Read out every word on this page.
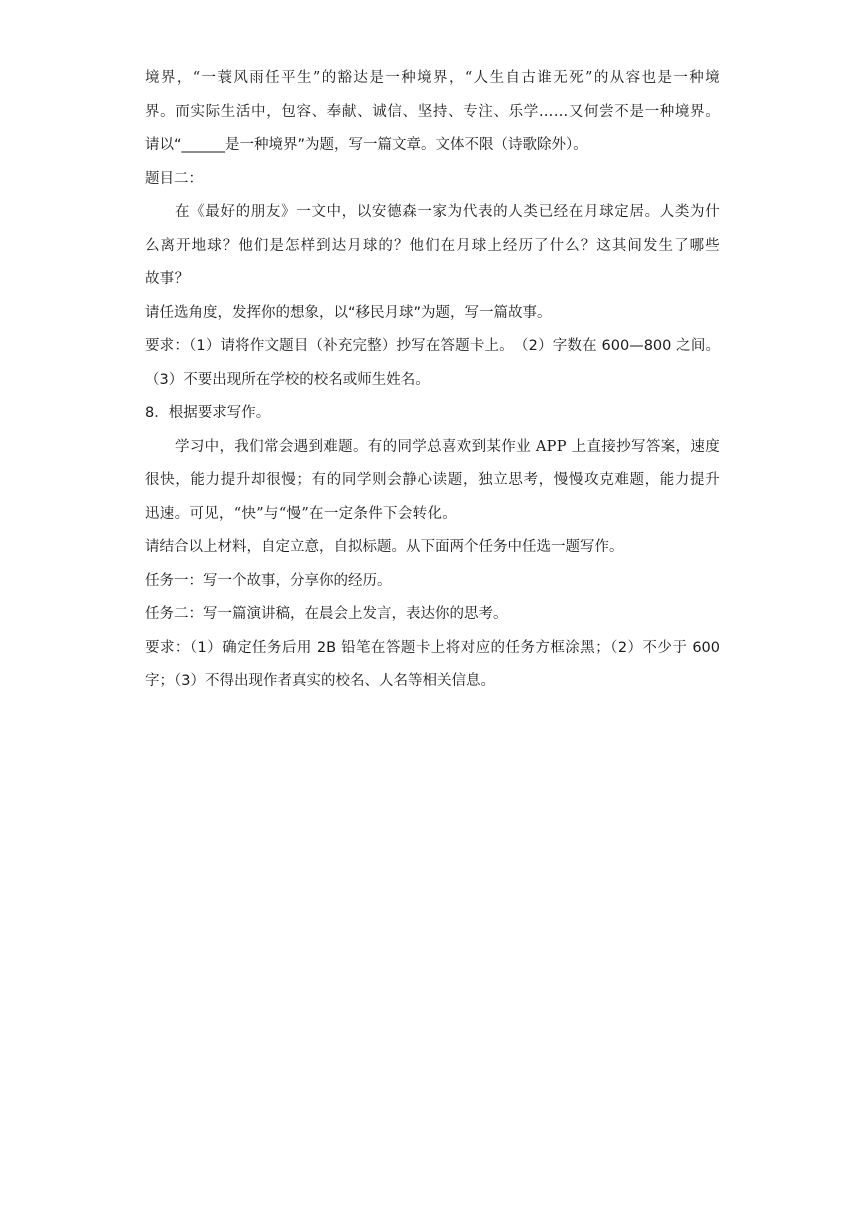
境界，“一蓑风雨任平生”的豁达是一种境界，“人生自古谁无死”的从容也是一种境
界。而实际生活中，包容、奉献、诚信、坚持、专注、乐学……又何尝不是一种境界。
请以“______是一种境界”为题，写一篇文章。文体不限（诗歌除外）。
题目二：
在《最好的朋友》一文中，以安德森一家为代表的人类已经在月球定居。人类为什
么离开地球？他们是怎样到达月球的？他们在月球上经历了什么？这其间发生了哪些
故事？
请任选角度，发挥你的想象，以“移民月球”为题，写一篇故事。
要求：（1）请将作文题目（补充完整）抄写在答题卡上。　（2）字数在 600—800 之间。
（3）不要出现所在学校的校名或师生姓名。
8．根据要求写作。
学习中，我们常会遇到难题。有的同学总喜欢到某作业 APP 上直接抄写答案，速度
很快，能力提升却很慢；有的同学则会静心读题，独立思考，慢慢攻克难题，能力提升
迅速。可见，“快”与“慢”在一定条件下会转化。
请结合以上材料，自定立意，自拟标题。从下面两个任务中任选一题写作。
任务一：写一个故事，分享你的经历。
任务二：写一篇演讲稿，在晨会上发言，表达你的思考。
要求：（1）确定任务后用 2B 铅笔在答题卡上将对应的任务方框涂黑；（2）不少于 600
字；（3）不得出现作者真实的校名、人名等相关信息。
